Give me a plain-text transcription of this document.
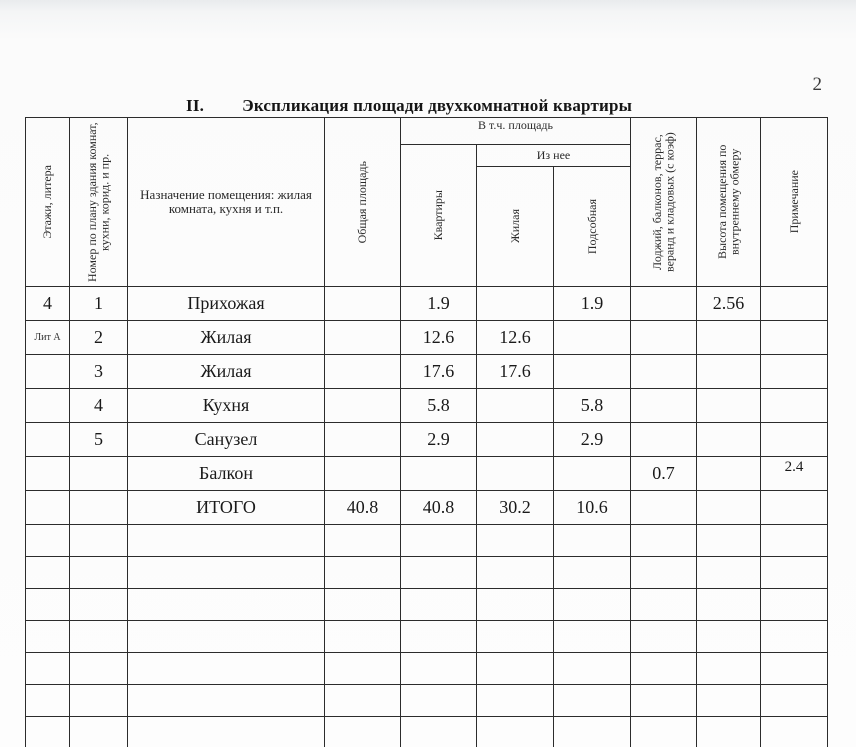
2
II. Экспликация площади двухкомнатной квартиры
Этажи, литера	Номер по плану здания комнат, кухни, корид. и пр.	Назначение помещения: жилая комната, кухня и т.п.	Общая площадь	В т.ч. площадь			Лоджий, балконов, террас, веранд и кладовых (с коэф)	Высота помещения по внутреннему обмеру	Примечание

				Квартиры	Из нее				

					Жилая	Подсобная			

4	1	Прихожая		1.9		1.9		2.56	
Лит А	2	Жилая		12.6	12.6				
	3	Жилая		17.6	17.6				
	4	Кухня		5.8		5.8			
	5	Санузел		2.9		2.9			
		Балкон					0.7		2.4
		ИТОГО	40.8	40.8	30.2	10.6			
